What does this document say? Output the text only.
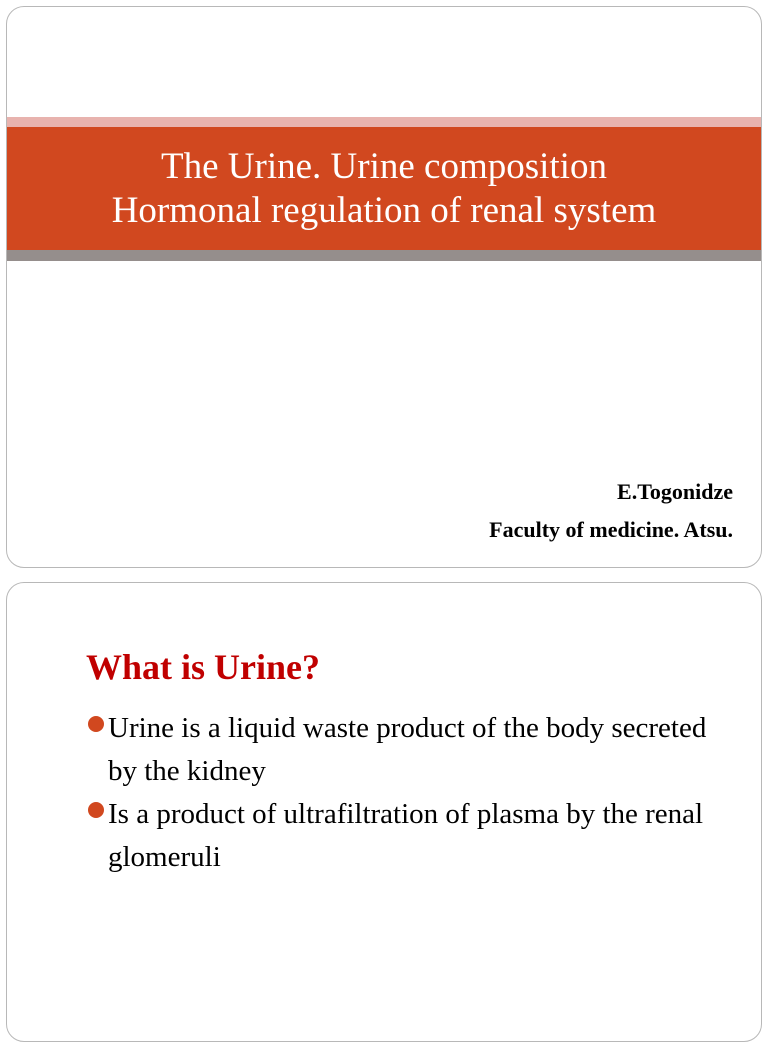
The Urine. Urine composition
Hormonal regulation of renal system
E.Togonidze
Faculty of medicine. Atsu.
What is Urine?
Urine is a liquid waste product of the body secreted by the kidney
Is a product of ultrafiltration of plasma by the renal glomeruli
